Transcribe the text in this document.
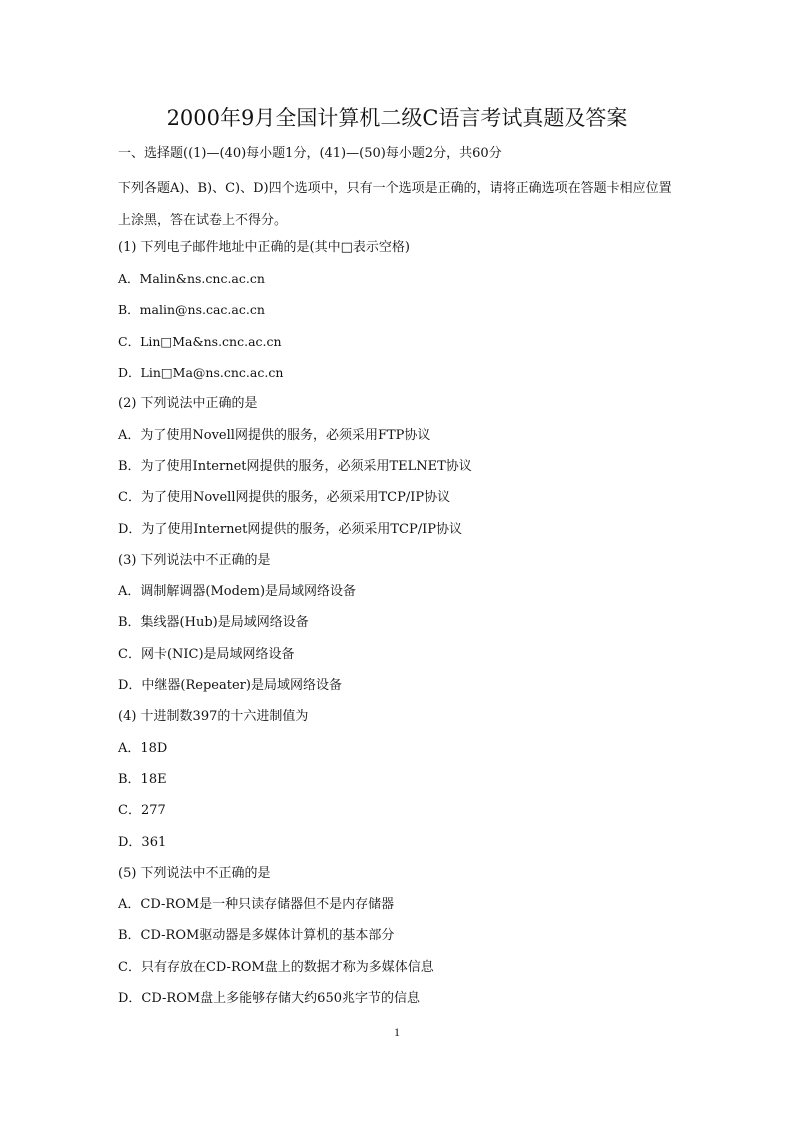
2000年9月全国计算机二级C语言考试真题及答案
一、选择题((1)—(40)每小题1分，(41)—(50)每小题2分，共60分
下列各题A)、B)、C)、D)四个选项中，只有一个选项是正确的，请将正确选项在答题卡相应位置上涂黑，答在试卷上不得分。
(1) 下列电子邮件地址中正确的是(其中□表示空格)
A．Malin&ns.cnc.ac.cn
B．malin@ns.cac.ac.cn
C．Lin□Ma&ns.cnc.ac.cn
D．Lin□Ma@ns.cnc.ac.cn
(2) 下列说法中正确的是
A．为了使用Novell网提供的服务，必须采用FTP协议
B．为了使用Internet网提供的服务，必须采用TELNET协议
C．为了使用Novell网提供的服务，必须采用TCP/IP协议
D．为了使用Internet网提供的服务，必须采用TCP/IP协议
(3) 下列说法中不正确的是
A．调制解调器(Modem)是局域网络设备
B．集线器(Hub)是局域网络设备
C．网卡(NIC)是局域网络设备
D．中继器(Repeater)是局域网络设备
(4) 十进制数397的十六进制值为
A．18D
B．18E
C．277
D．361
(5) 下列说法中不正确的是
A．CD-ROM是一种只读存储器但不是内存储器
B．CD-ROM驱动器是多媒体计算机的基本部分
C．只有存放在CD-ROM盘上的数据才称为多媒体信息
D．CD-ROM盘上多能够存储大约650兆字节的信息
1
